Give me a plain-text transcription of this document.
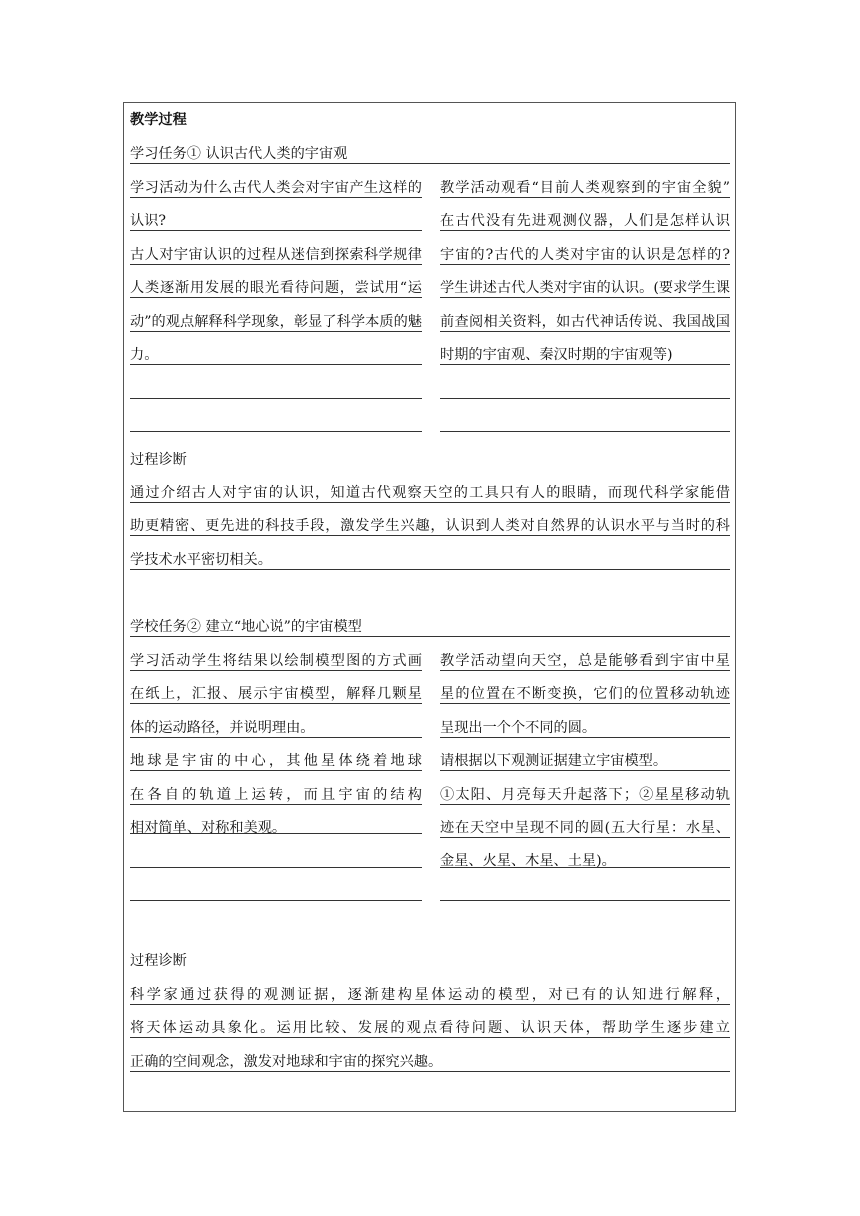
教学过程
学习任务① 认识古代人类的宇宙观
学习活动为什么古代人类会对宇宙产生这样的
认识?
古人对宇宙认识的过程从迷信到探索科学规律
人类逐渐用发展的眼光看待问题，尝试用“运
动”的观点解释科学现象，彰显了科学本质的魅
力。
教学活动观看“目前人类观察到的宇宙全貌”
在古代没有先进观测仪器，人们是怎样认识
宇宙的?古代的人类对宇宙的认识是怎样的?
学生讲述古代人类对宇宙的认识。(要求学生课
前查阅相关资料，如古代神话传说、我国战国
时期的宇宙观、秦汉时期的宇宙观等)
过程诊断
通过介绍古人对宇宙的认识，知道古代观察天空的工具只有人的眼睛，而现代科学家能借
助更精密、更先进的科技手段，激发学生兴趣，认识到人类对自然界的认识水平与当时的科
学技术水平密切相关。
学校任务② 建立“地心说”的宇宙模型
学习活动学生将结果以绘制模型图的方式画
在纸上，汇报、展示宇宙模型，解释几颗星
体的运动路径，并说明理由。
地球是宇宙的中心，其他星体绕着地球
在各自的轨道上运转，而且宇宙的结构
相对简单、对称和美观。
教学活动望向天空，总是能够看到宇宙中星
星的位置在不断变换，它们的位置移动轨迹
呈现出一个个不同的圆。
请根据以下观测证据建立宇宙模型。
①太阳、月亮每天升起落下；②星星移动轨
迹在天空中呈现不同的圆(五大行星：水星、
金星、火星、木星、土星)。
过程诊断
科学家通过获得的观测证据，逐渐建构星体运动的模型，对已有的认知进行解释，
将天体运动具象化。运用比较、发展的观点看待问题、认识天体，帮助学生逐步建立
正确的空间观念，激发对地球和宇宙的探究兴趣。
